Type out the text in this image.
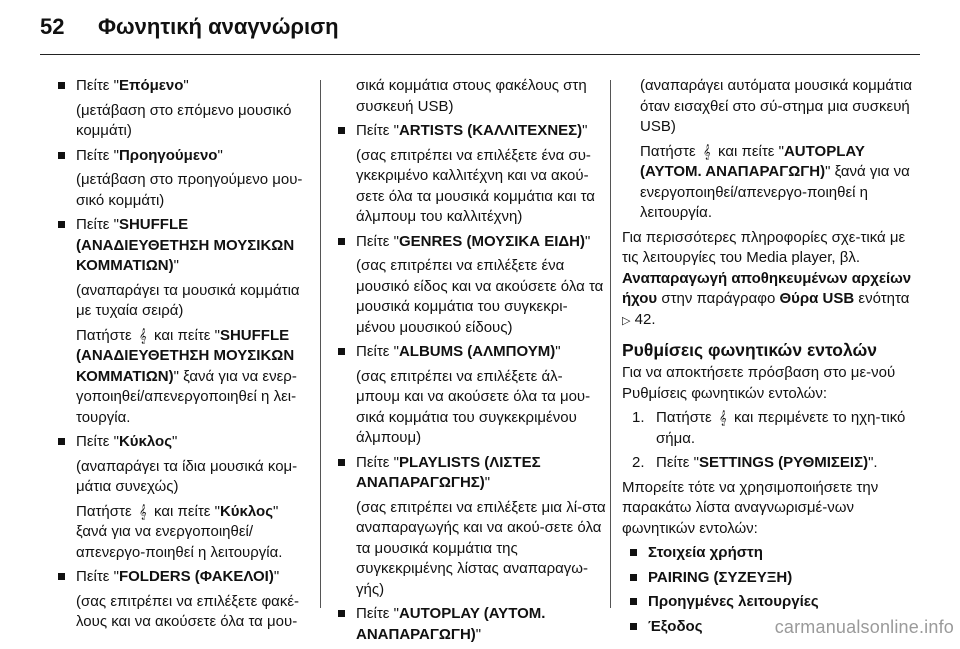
52 Φωνητική αναγνώριση
Πείτε "Επόμενο"

(μετάβαση στο επόμενο μουσικό κομμάτι)

Πείτε "Προηγούμενο"

(μετάβαση στο προηγούμενο μου-σικό κομμάτι)

Πείτε "SHUFFLE (ΑΝΑΔΙΕΥΘΕΤΗΣΗ ΜΟΥΣΙΚΩΝ ΚΟΜΜΑΤΙΩΝ)"

(αναπαράγει τα μουσικά κομμάτια με τυχαία σειρά)

Πατήστε 𝄞 και πείτε "SHUFFLE (ΑΝΑΔΙΕΥΘΕΤΗΣΗ ΜΟΥΣΙΚΩΝ ΚΟΜΜΑΤΙΩΝ)" ξανά για να ενερ-γοποιηθεί/απενεργοποιηθεί η λει-τουργία.

Πείτε "Κύκλος"

(αναπαράγει τα ίδια μουσικά κομ-μάτια συνεχώς)

Πατήστε 𝄞 και πείτε "Κύκλος" ξανά για να ενεργοποιηθεί/απενεργο-ποιηθεί η λειτουργία.

Πείτε "FOLDERS (ΦΑΚΕΛΟΙ)"

(σας επιτρέπει να επιλέξετε φακέ-λους και να ακούσετε όλα τα μου-

σικά κομμάτια στους φακέλους στη συσκευή USB)

Πείτε "ARTISTS (ΚΑΛΛΙΤΕΧΝΕΣ)"

(σας επιτρέπει να επιλέξετε ένα συ-γκεκριμένο καλλιτέχνη και να ακού-σετε όλα τα μουσικά κομμάτια και τα άλμπουμ του καλλιτέχνη)

Πείτε "GENRES (ΜΟΥΣΙΚΑ ΕΙΔΗ)"

(σας επιτρέπει να επιλέξετε ένα μουσικό είδος και να ακούσετε όλα τα μουσικά κομμάτια του συγκεκρι-μένου μουσικού είδους)

Πείτε "ALBUMS (ΑΛΜΠΟΥΜ)"

(σας επιτρέπει να επιλέξετε άλ-μπουμ και να ακούσετε όλα τα μου-σικά κομμάτια του συγκεκριμένου άλμπουμ)

Πείτε "PLAYLISTS (ΛΙΣΤΕΣ ΑΝΑΠΑΡΑΓΩΓΗΣ)"

(σας επιτρέπει να επιλέξετε μια λί-στα αναπαραγωγής και να ακού-σετε όλα τα μουσικά κομμάτια της συγκεκριμένης λίστας αναπαραγω-γής)

Πείτε "AUTOPLAY (ΑΥΤΟΜ. ΑΝΑΠΑΡΑΓΩΓΗ)"

(αναπαράγει αυτόματα μουσικά κομμάτια όταν εισαχθεί στο σύ-στημα μια συσκευή USB)

Πατήστε 𝄞 και πείτε "AUTOPLAY (ΑΥΤΟΜ. ΑΝΑΠΑΡΑΓΩΓΗ)" ξανά για να ενεργοποιηθεί/απενεργο-ποιηθεί η λειτουργία.

Για περισσότερες πληροφορίες σχε-τικά με τις λειτουργίες του Media player, βλ. Αναπαραγωγή αποθηκευμένων αρχείων ήχου στην παράγραφο Θύρα USB ενότητα ▷ 42.

Ρυθμίσεις φωνητικών εντολών

Για να αποκτήσετε πρόσβαση στο με-νού Ρυθμίσεις φωνητικών εντολών:

1. Πατήστε 𝄞 και περιμένετε το ηχη-τικό σήμα.
2. Πείτε "SETTINGS (ΡΥΘΜΙΣΕΙΣ)".

Μπορείτε τότε να χρησιμοποιήσετε την παρακάτω λίστα αναγνωρισμέ-νων φωνητικών εντολών:

Στοιχεία χρήστη
PAIRING (ΣΥΖΕΥΞΗ)
Προηγμένες λειτουργίες
Έξοδος	carmanualsonline.info
